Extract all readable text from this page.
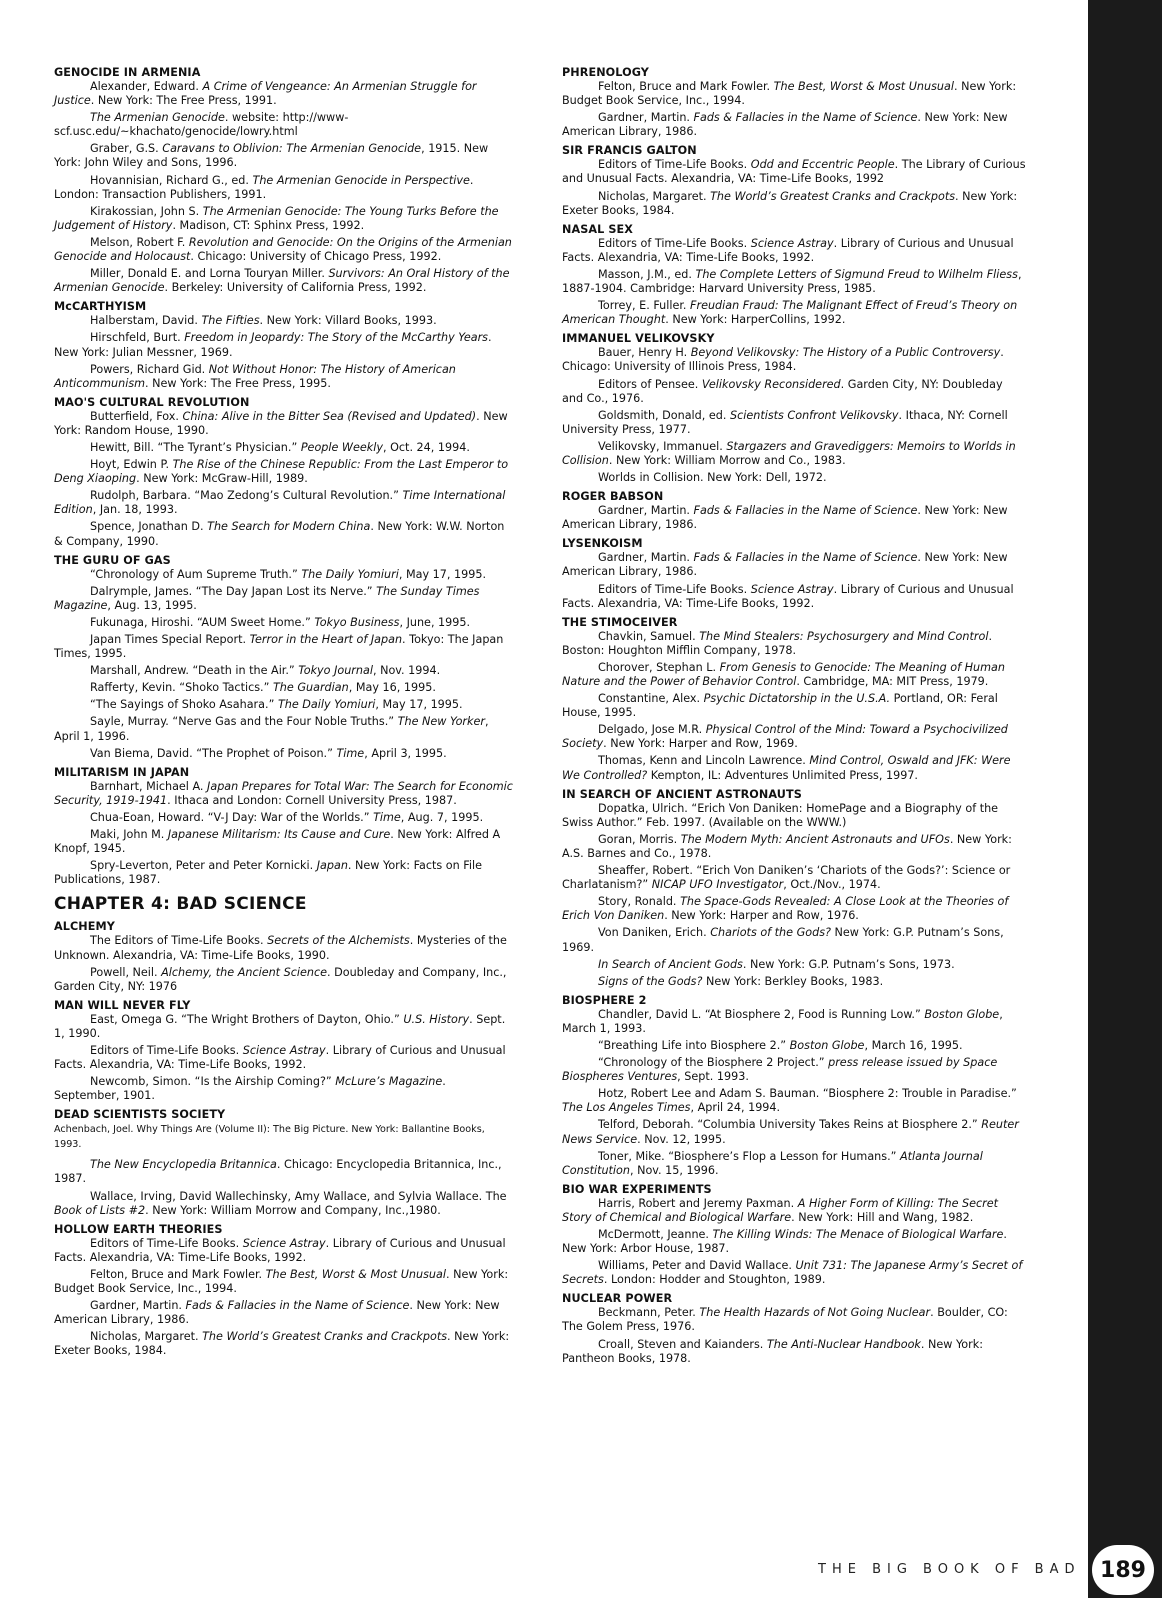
GENOCIDE IN ARMENIA
Alexander, Edward. A Crime of Vengeance: An Armenian Struggle for Justice. New York: The Free Press, 1991.
The Armenian Genocide. website: http://www-scf.usc.edu/~khachato/genocide/lowry.html
Graber, G.S. Caravans to Oblivion: The Armenian Genocide, 1915. New York: John Wiley and Sons, 1996.
Hovannisian, Richard G., ed. The Armenian Genocide in Perspective. London: Transaction Publishers, 1991.
Kirakossian, John S. The Armenian Genocide: The Young Turks Before the Judgement of History. Madison, CT: Sphinx Press, 1992.
Melson, Robert F. Revolution and Genocide: On the Origins of the Armenian Genocide and Holocaust. Chicago: University of Chicago Press, 1992.
Miller, Donald E. and Lorna Touryan Miller. Survivors: An Oral History of the Armenian Genocide. Berkeley: University of California Press, 1992.
McCARTHYISM
Halberstam, David. The Fifties. New York: Villard Books, 1993.
Hirschfeld, Burt. Freedom in Jeopardy: The Story of the McCarthy Years. New York: Julian Messner, 1969.
Powers, Richard Gid. Not Without Honor: The History of American Anticommunism. New York: The Free Press, 1995.
MAO'S CULTURAL REVOLUTION
Butterfield, Fox. China: Alive in the Bitter Sea (Revised and Updated). New York: Random House, 1990.
Hewitt, Bill. “The Tyrant’s Physician.” People Weekly, Oct. 24, 1994.
Hoyt, Edwin P. The Rise of the Chinese Republic: From the Last Emperor to Deng Xiaoping. New York: McGraw-Hill, 1989.
Rudolph, Barbara. “Mao Zedong’s Cultural Revolution.” Time International Edition, Jan. 18, 1993.
Spence, Jonathan D. The Search for Modern China. New York: W.W. Norton & Company, 1990.
THE GURU OF GAS
“Chronology of Aum Supreme Truth.” The Daily Yomiuri, May 17, 1995.
Dalrymple, James. “The Day Japan Lost its Nerve.” The Sunday Times Magazine, Aug. 13, 1995.
Fukunaga, Hiroshi. “AUM Sweet Home.” Tokyo Business, June, 1995.
Japan Times Special Report. Terror in the Heart of Japan. Tokyo: The Japan Times, 1995.
Marshall, Andrew. “Death in the Air.” Tokyo Journal, Nov. 1994.
Rafferty, Kevin. “Shoko Tactics.” The Guardian, May 16, 1995.
“The Sayings of Shoko Asahara.” The Daily Yomiuri, May 17, 1995.
Sayle, Murray. “Nerve Gas and the Four Noble Truths.” The New Yorker, April 1, 1996.
Van Biema, David. “The Prophet of Poison.” Time, April 3, 1995.
MILITARISM IN JAPAN
Barnhart, Michael A. Japan Prepares for Total War: The Search for Economic Security, 1919-1941. Ithaca and London: Cornell University Press, 1987.
Chua-Eoan, Howard. “V-J Day: War of the Worlds.” Time, Aug. 7, 1995.
Maki, John M. Japanese Militarism: Its Cause and Cure. New York: Alfred A Knopf, 1945.
Spry-Leverton, Peter and Peter Kornicki. Japan. New York: Facts on File Publications, 1987.
CHAPTER 4: BAD SCIENCE
ALCHEMY
The Editors of Time-Life Books. Secrets of the Alchemists. Mysteries of the Unknown. Alexandria, VA: Time-Life Books, 1990.
Powell, Neil. Alchemy, the Ancient Science. Doubleday and Company, Inc., Garden City, NY: 1976
MAN WILL NEVER FLY
East, Omega G. “The Wright Brothers of Dayton, Ohio.” U.S. History. Sept. 1, 1990.
Editors of Time-Life Books. Science Astray. Library of Curious and Unusual Facts. Alexandria, VA: Time-Life Books, 1992.
Newcomb, Simon. “Is the Airship Coming?” McLure’s Magazine. September, 1901.
DEAD SCIENTISTS SOCIETY
Achenbach, Joel. Why Things Are (Volume II): The Big Picture. New York: Ballantine Books, 1993.
The New Encyclopedia Britannica. Chicago: Encyclopedia Britannica, Inc., 1987.
Wallace, Irving, David Wallechinsky, Amy Wallace, and Sylvia Wallace. The Book of Lists #2. New York: William Morrow and Company, Inc.,1980.
HOLLOW EARTH THEORIES
Editors of Time-Life Books. Science Astray. Library of Curious and Unusual Facts. Alexandria, VA: Time-Life Books, 1992.
Felton, Bruce and Mark Fowler. The Best, Worst & Most Unusual. New York: Budget Book Service, Inc., 1994.
Gardner, Martin. Fads & Fallacies in the Name of Science. New York: New American Library, 1986.
Nicholas, Margaret. The World’s Greatest Cranks and Crackpots. New York: Exeter Books, 1984.
PHRENOLOGY
Felton, Bruce and Mark Fowler. The Best, Worst & Most Unusual. New York: Budget Book Service, Inc., 1994.
Gardner, Martin. Fads & Fallacies in the Name of Science. New York: New American Library, 1986.
SIR FRANCIS GALTON
Editors of Time-Life Books. Odd and Eccentric People. The Library of Curious and Unusual Facts. Alexandria, VA: Time-Life Books, 1992
Nicholas, Margaret. The World’s Greatest Cranks and Crackpots. New York: Exeter Books, 1984.
NASAL SEX
Editors of Time-Life Books. Science Astray. Library of Curious and Unusual Facts. Alexandria, VA: Time-Life Books, 1992.
Masson, J.M., ed. The Complete Letters of Sigmund Freud to Wilhelm Fliess, 1887-1904. Cambridge: Harvard University Press, 1985.
Torrey, E. Fuller. Freudian Fraud: The Malignant Effect of Freud’s Theory on American Thought. New York: HarperCollins, 1992.
IMMANUEL VELIKOVSKY
Bauer, Henry H. Beyond Velikovsky: The History of a Public Controversy. Chicago: University of Illinois Press, 1984.
Editors of Pensee. Velikovsky Reconsidered. Garden City, NY: Doubleday and Co., 1976.
Goldsmith, Donald, ed. Scientists Confront Velikovsky. Ithaca, NY: Cornell University Press, 1977.
Velikovsky, Immanuel. Stargazers and Gravediggers: Memoirs to Worlds in Collision. New York: William Morrow and Co., 1983.
Worlds in Collision. New York: Dell, 1972.
ROGER BABSON
Gardner, Martin. Fads & Fallacies in the Name of Science. New York: New American Library, 1986.
LYSENKOISM
Gardner, Martin. Fads & Fallacies in the Name of Science. New York: New American Library, 1986.
Editors of Time-Life Books. Science Astray. Library of Curious and Unusual Facts. Alexandria, VA: Time-Life Books, 1992.
THE STIMOCEIVER
Chavkin, Samuel. The Mind Stealers: Psychosurgery and Mind Control. Boston: Houghton Mifflin Company, 1978.
Chorover, Stephan L. From Genesis to Genocide: The Meaning of Human Nature and the Power of Behavior Control. Cambridge, MA: MIT Press, 1979.
Constantine, Alex. Psychic Dictatorship in the U.S.A. Portland, OR: Feral House, 1995.
Delgado, Jose M.R. Physical Control of the Mind: Toward a Psychocivilized Society. New York: Harper and Row, 1969.
Thomas, Kenn and Lincoln Lawrence. Mind Control, Oswald and JFK: Were We Controlled? Kempton, IL: Adventures Unlimited Press, 1997.
IN SEARCH OF ANCIENT ASTRONAUTS
Dopatka, Ulrich. “Erich Von Daniken: HomePage and a Biography of the Swiss Author.” Feb. 1997. (Available on the WWW.)
Goran, Morris. The Modern Myth: Ancient Astronauts and UFOs. New York: A.S. Barnes and Co., 1978.
Sheaffer, Robert. “Erich Von Daniken’s ‘Chariots of the Gods?’: Science or Charlatanism?” NICAP UFO Investigator, Oct./Nov., 1974.
Story, Ronald. The Space-Gods Revealed: A Close Look at the Theories of Erich Von Daniken. New York: Harper and Row, 1976.
Von Daniken, Erich. Chariots of the Gods? New York: G.P. Putnam’s Sons, 1969.
In Search of Ancient Gods. New York: G.P. Putnam’s Sons, 1973.
Signs of the Gods? New York: Berkley Books, 1983.
BIOSPHERE 2
Chandler, David L. “At Biosphere 2, Food is Running Low.” Boston Globe, March 1, 1993.
“Breathing Life into Biosphere 2.” Boston Globe, March 16, 1995.
“Chronology of the Biosphere 2 Project.” press release issued by Space Biospheres Ventures, Sept. 1993.
Hotz, Robert Lee and Adam S. Bauman. “Biosphere 2: Trouble in Paradise.” The Los Angeles Times, April 24, 1994.
Telford, Deborah. “Columbia University Takes Reins at Biosphere 2.” Reuter News Service. Nov. 12, 1995.
Toner, Mike. “Biosphere’s Flop a Lesson for Humans.” Atlanta Journal Constitution, Nov. 15, 1996.
BIO WAR EXPERIMENTS
Harris, Robert and Jeremy Paxman. A Higher Form of Killing: The Secret Story of Chemical and Biological Warfare. New York: Hill and Wang, 1982.
McDermott, Jeanne. The Killing Winds: The Menace of Biological Warfare. New York: Arbor House, 1987.
Williams, Peter and David Wallace. Unit 731: The Japanese Army’s Secret of Secrets. London: Hodder and Stoughton, 1989.
NUCLEAR POWER
Beckmann, Peter. The Health Hazards of Not Going Nuclear. Boulder, CO: The Golem Press, 1976.
Croall, Steven and Kaianders. The Anti-Nuclear Handbook. New York: Pantheon Books, 1978.
THE BIG BOOK OF BAD 189
